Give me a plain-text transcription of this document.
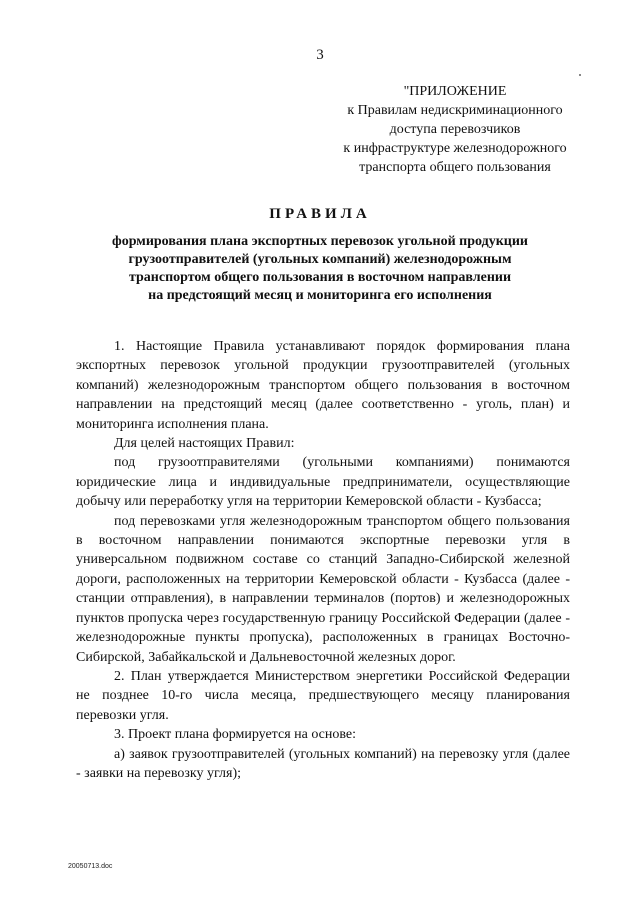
3
"ПРИЛОЖЕНИЕ
к Правилам недискриминационного
доступа перевозчиков
к инфраструктуре железнодорожного
транспорта общего пользования
ПРАВИЛА
формирования плана экспортных перевозок угольной продукции
грузоотправителей (угольных компаний) железнодорожным
транспортом общего пользования в восточном направлении
на предстоящий месяц и мониторинга его исполнения

1. Настоящие Правила устанавливают порядок формирования плана экспортных перевозок угольной продукции грузоотправителей (угольных компаний) железнодорожным транспортом общего пользования в восточном направлении на предстоящий месяц (далее соответственно - уголь, план) и мониторинга исполнения плана.

Для целей настоящих Правил:

под грузоотправителями (угольными компаниями) понимаются юридические лица и индивидуальные предприниматели, осуществляющие добычу или переработку угля на территории Кемеровской области - Кузбасса;

под перевозками угля железнодорожным транспортом общего пользования в восточном направлении понимаются экспортные перевозки угля в универсальном подвижном составе со станций Западно-Сибирской железной дороги, расположенных на территории Кемеровской области - Кузбасса (далее - станции отправления), в направлении терминалов (портов) и железнодорожных пунктов пропуска через государственную границу Российской Федерации (далее - железнодорожные пункты пропуска), расположенных в границах Восточно-Сибирской, Забайкальской и Дальневосточной железных дорог.

2. План утверждается Министерством энергетики Российской Федерации не позднее 10-го числа месяца, предшествующего месяцу планирования перевозки угля.

3. Проект плана формируется на основе:

а) заявок грузоотправителей (угольных компаний) на перевозку угля (далее - заявки на перевозку угля);

20050713.doc
